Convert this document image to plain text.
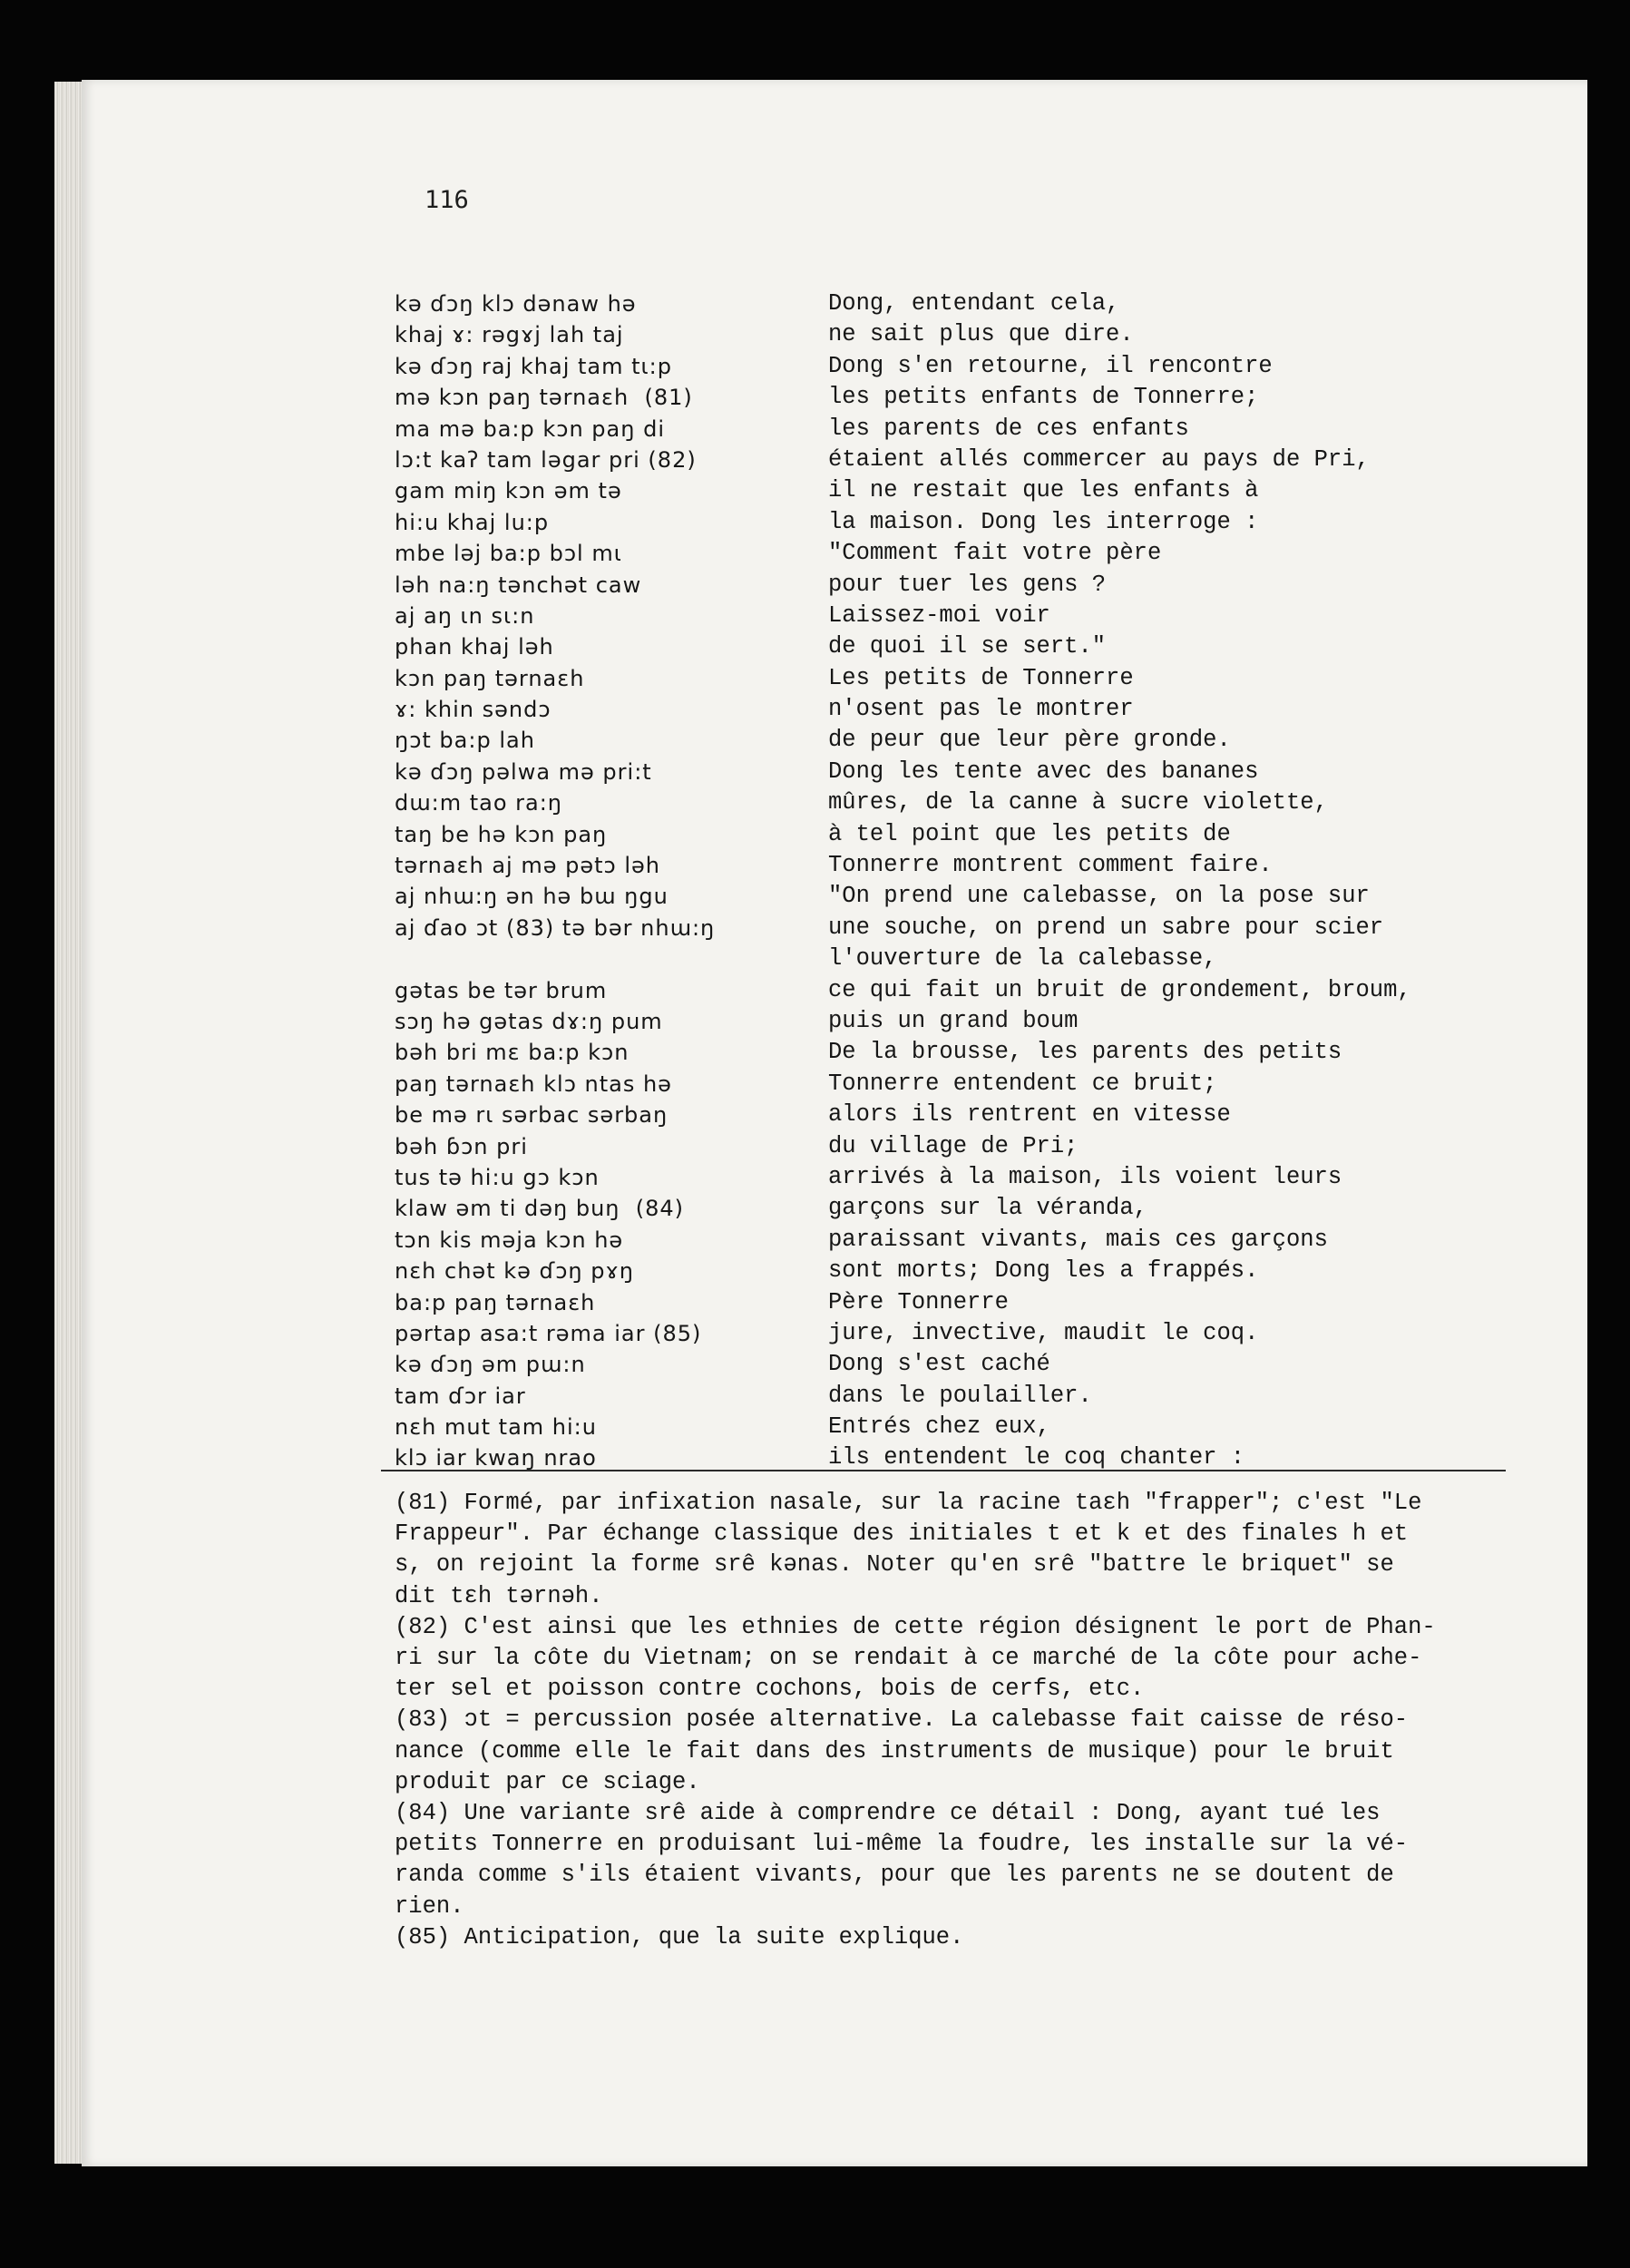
116
kə ɗɔŋ klɔ dənaw hə	Dong, entendant cela,
khaj ɤ: rəgɤj lah taj	ne sait plus que dire.
kə ɗɔŋ raj khaj tam tɩ:p	Dong s'en retourne, il rencontre
mə kɔn paŋ tərnaɛh  (81)	les petits enfants de Tonnerre;
ma mə ba:p kɔn paŋ di	les parents de ces enfants
lɔ:t kaʔ tam ləgar pri (82)	étaient allés commercer au pays de Pri,
gam miŋ kɔn əm tə	il ne restait que les enfants à
hi:u khaj lu:p	la maison. Dong les interroge :
mbe ləj ba:p bɔl mɩ	"Comment fait votre père
ləh na:ŋ tənchət caw	pour tuer les gens ?
aj aŋ ɩn sɩ:n	Laissez-moi voir
phan khaj ləh	de quoi il se sert."
kɔn paŋ tərnaɛh	Les petits de Tonnerre
ɤ: khin səndɔ	n'osent pas le montrer
ŋɔt ba:p lah	de peur que leur père gronde.
kə ɗɔŋ pəlwa mə pri:t	Dong les tente avec des bananes
dɯ:m tao ra:ŋ	mûres, de la canne à sucre violette,
taŋ be hə kɔn paŋ	à tel point que les petits de
tərnaɛh aj mə pətɔ ləh	Tonnerre montrent comment faire.
aj nhɯ:ŋ ən hə bɯ ŋgu	"On prend une calebasse, on la pose sur
aj ɗao ɔt (83) tə bər nhɯ:ŋ	une souche, on prend un sabre pour scier
l'ouverture de la calebasse,
gətas be tər brum	ce qui fait un bruit de grondement, broum,
sɔŋ hə gətas dɤ:ŋ pum	puis un grand boum
bəh bri mɛ ba:p kɔn	De la brousse, les parents des petits
paŋ tərnaɛh klɔ ntas hə	Tonnerre entendent ce bruit;
be mə rɩ sərbac sərbaŋ	alors ils rentrent en vitesse
bəh ɓɔn pri	du village de Pri;
tus tə hi:u gɔ kɔn	arrivés à la maison, ils voient leurs
klaw əm ti dəŋ buŋ  (84)	garçons sur la véranda,
tɔn kis məja kɔn hə	paraissant vivants, mais ces garçons
nɛh chət kə ɗɔŋ pɤŋ	sont morts; Dong les a frappés.
ba:p paŋ tərnaɛh	Père Tonnerre
pərtap asa:t rəma iar (85)	jure, invective, maudit le coq.
kə ɗɔŋ əm pɯ:n	Dong s'est caché
tam ɗɔr iar	dans le poulailler.
nɛh mut tam hi:u	Entrés chez eux,
klɔ iar kwaŋ nrao	ils entendent le coq chanter :
(81) Formé, par infixation nasale, sur la racine taɛh "frapper"; c'est "Le
Frappeur". Par échange classique des initiales t et k et des finales h et
s, on rejoint la forme srê kənas. Noter qu'en srê "battre le briquet" se
dit tɛh tərnəh.
(82) C'est ainsi que les ethnies de cette région désignent le port de Phan-
ri sur la côte du Vietnam; on se rendait à ce marché de la côte pour ache-
ter sel et poisson contre cochons, bois de cerfs, etc.
(83) ɔt = percussion posée alternative. La calebasse fait caisse de réso-
nance (comme elle le fait dans des instruments de musique) pour le bruit
produit par ce sciage.
(84) Une variante srê aide à comprendre ce détail : Dong, ayant tué les
petits Tonnerre en produisant lui-même la foudre, les installe sur la vé-
randa comme s'ils étaient vivants, pour que les parents ne se doutent de
rien.
(85) Anticipation, que la suite explique.
